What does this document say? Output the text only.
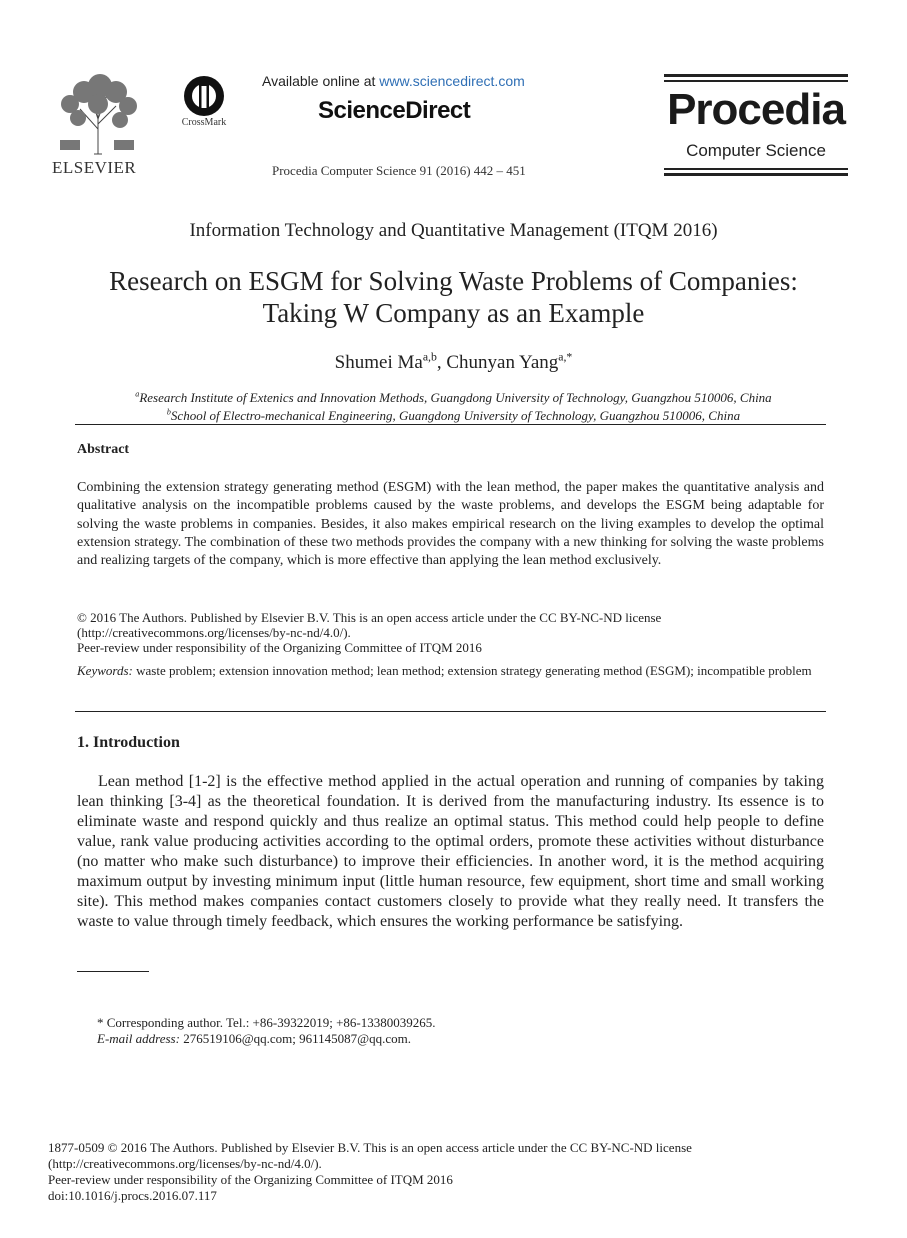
ELSEVIER
CrossMark
Available online at www.sciencedirect.com
ScienceDirect
Procedia Computer Science 91 (2016) 442 – 451
Procedia
Computer Science
Information Technology and Quantitative Management (ITQM 2016)
Research on ESGM for Solving Waste Problems of Companies:
Taking W Company as an Example
Shumei Ma$^{a,b}$, Chunyan Yang$^{a,*}$
$^a$Research Institute of Extenics and Innovation Methods, Guangdong University of Technology, Guangzhou 510006, China
$^b$School of Electro-mechanical Engineering, Guangdong University of Technology, Guangzhou 510006, China
Abstract
Combining the extension strategy generating method (ESGM) with the lean method, the paper makes the quantitative analysis and qualitative analysis on the incompatible problems caused by the waste problems, and develops the ESGM being adaptable for solving the waste problems in companies. Besides, it also makes empirical research on the living examples to develop the optimal extension strategy. The combination of these two methods provides the company with a new thinking for solving the waste problems and realizing targets of the company, which is more effective than applying the lean method exclusively.
© 2016 The Authors. Published by Elsevier B.V. This is an open access article under the CC BY-NC-ND license
(http://creativecommons.org/licenses/by-nc-nd/4.0/).
Peer-review under responsibility of the Organizing Committee of ITQM 2016
Keywords: waste problem; extension innovation method; lean method; extension strategy generating method (ESGM); incompatible problem
1. Introduction
Lean method [1-2] is the effective method applied in the actual operation and running of companies by taking lean thinking [3-4] as the theoretical foundation. It is derived from the manufacturing industry. Its essence is to eliminate waste and respond quickly and thus realize an optimal status. This method could help people to define value, rank value producing activities according to the optimal orders, promote these activities without disturbance (no matter who make such disturbance) to improve their efficiencies. In another word, it is the method acquiring maximum output by investing minimum input (little human resource, few equipment, short time and small working site). This method makes companies contact customers closely to provide what they really need. It transfers the waste to value through timely feedback, which ensures the working performance be satisfying.
* Corresponding author. Tel.: +86-39322019; +86-13380039265.
E-mail address: 276519106@qq.com; 961145087@qq.com.
1877-0509 © 2016 The Authors. Published by Elsevier B.V. This is an open access article under the CC BY-NC-ND license
(http://creativecommons.org/licenses/by-nc-nd/4.0/).
Peer-review under responsibility of the Organizing Committee of ITQM 2016
doi:10.1016/j.procs.2016.07.117
